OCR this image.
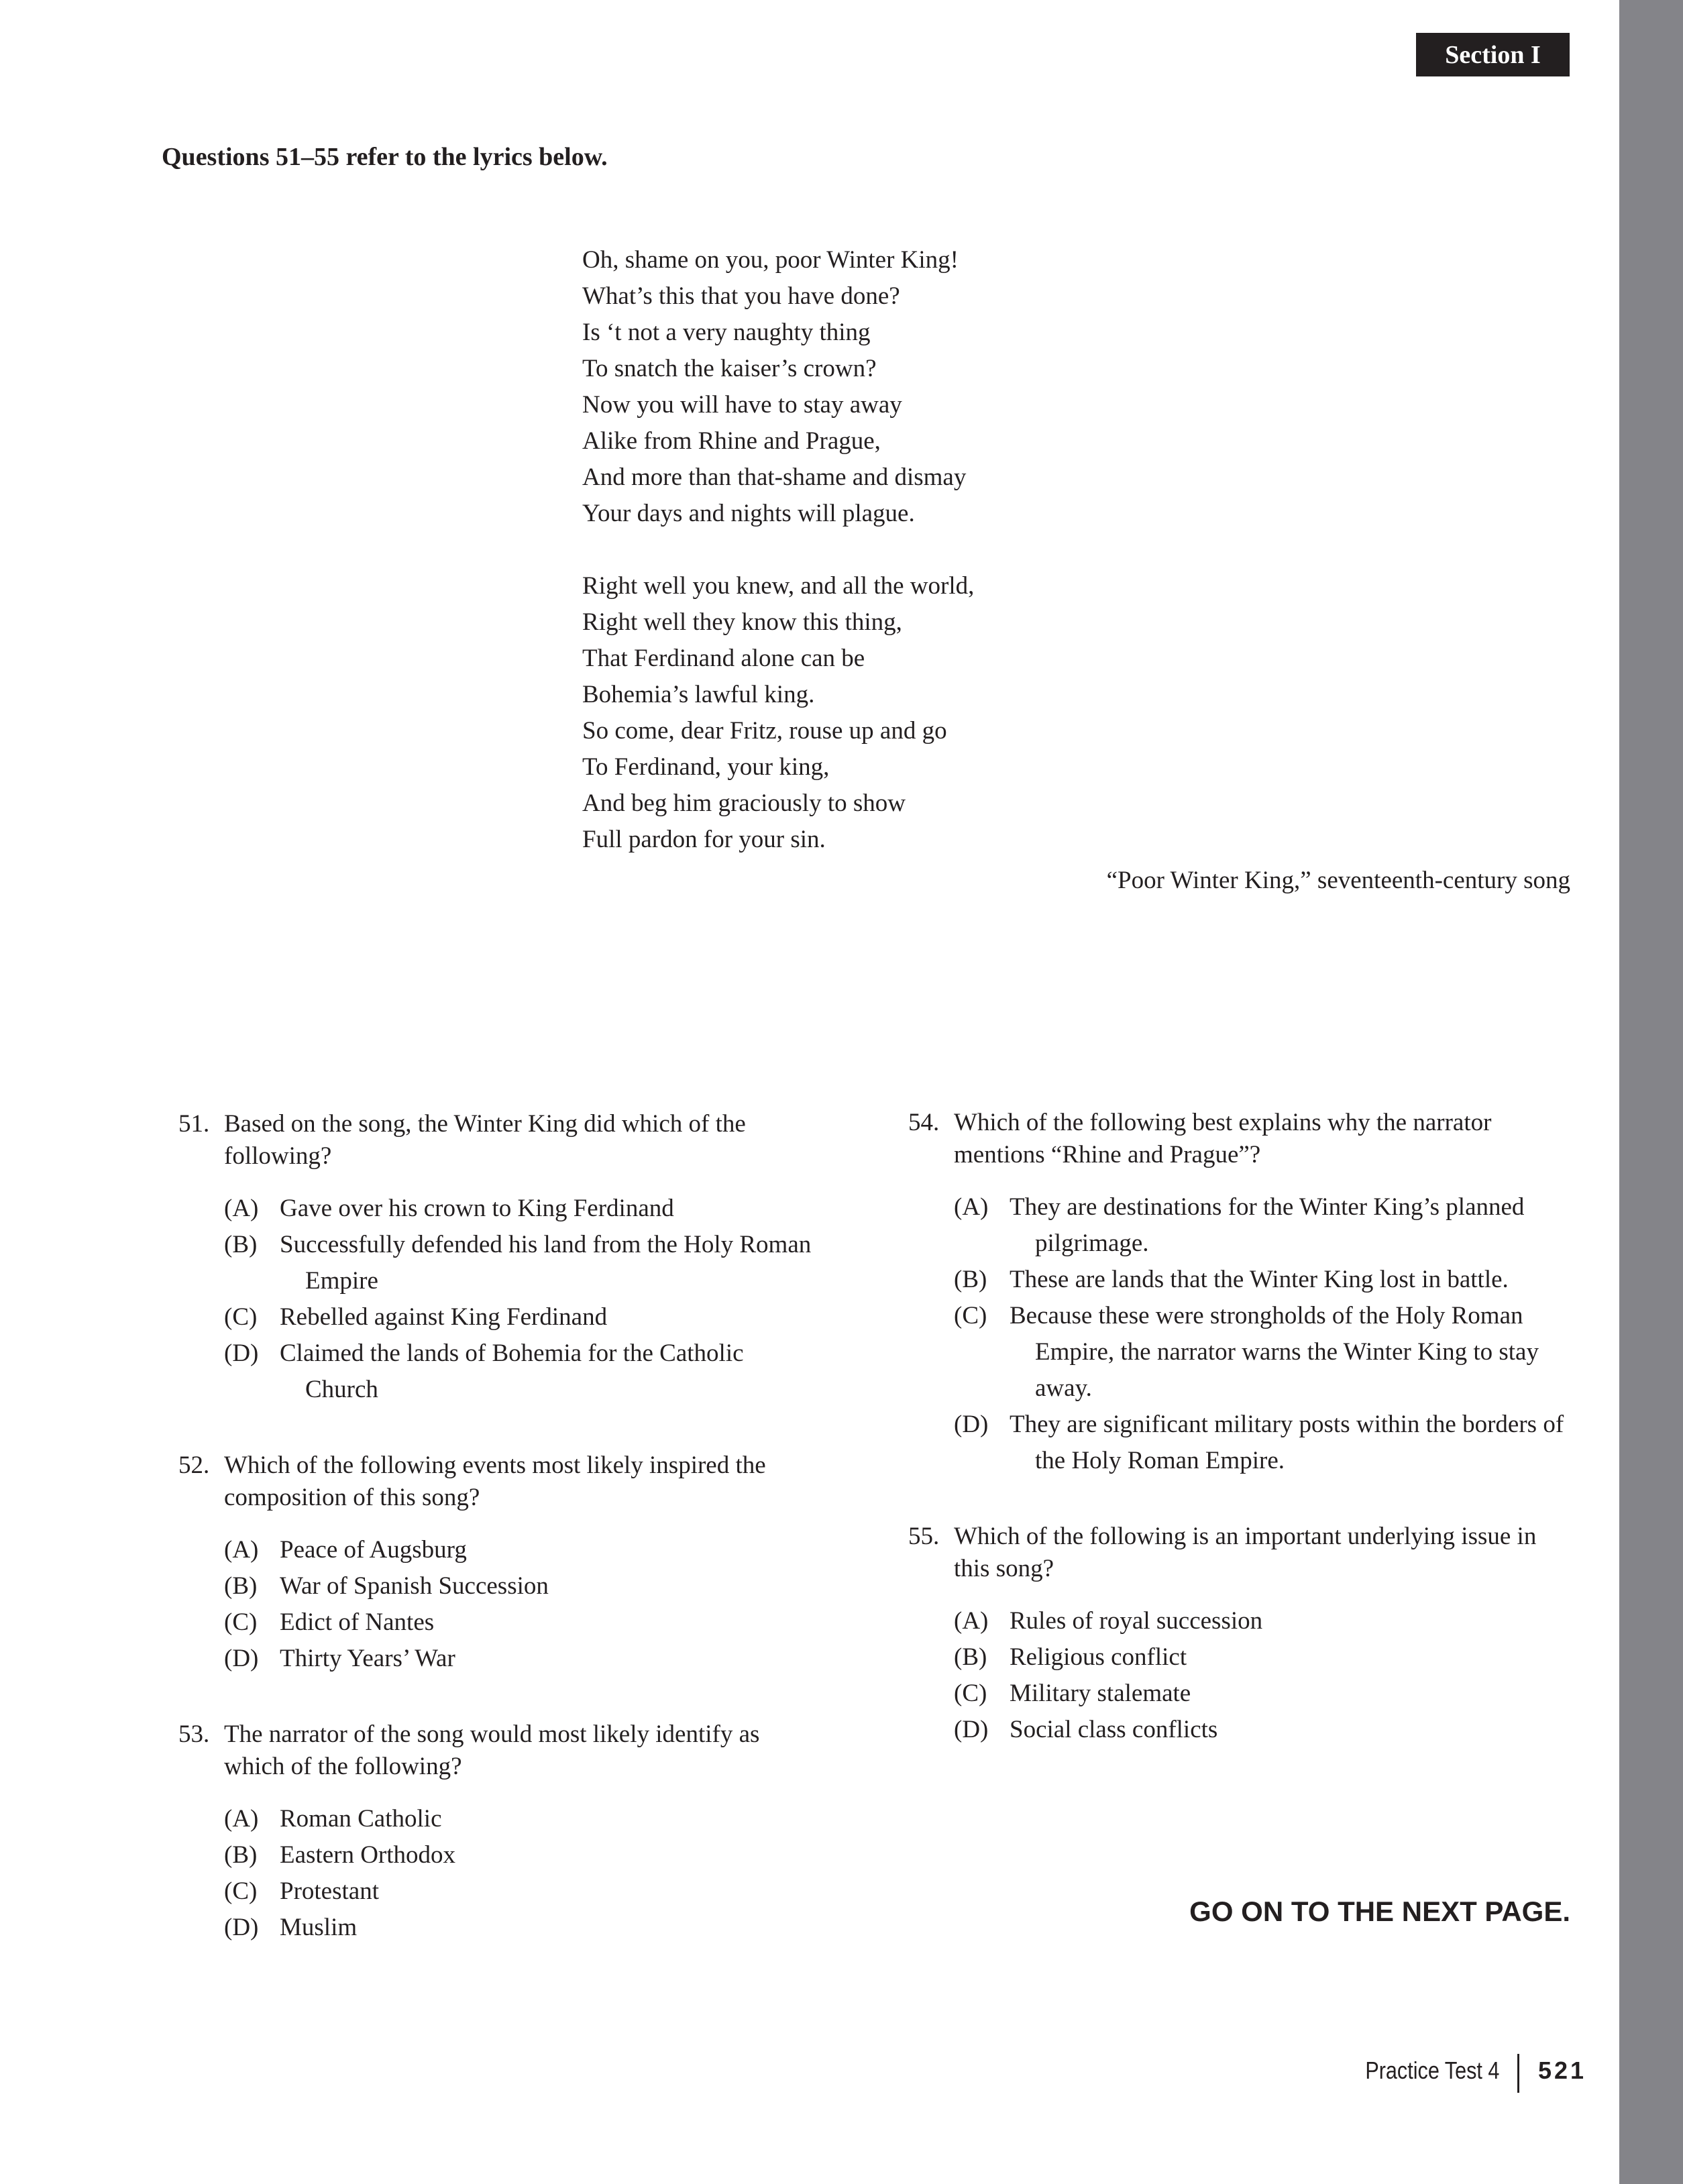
Section I
Questions 51–55 refer to the lyrics below.
Oh, shame on you, poor Winter King!
What’s this that you have done?
Is ‘t not a very naughty thing
To snatch the kaiser’s crown?
Now you will have to stay away
Alike from Rhine and Prague,
And more than that-shame and dismay
Your days and nights will plague.
Right well you knew, and all the world,
Right well they know this thing,
That Ferdinand alone can be
Bohemia’s lawful king.
So come, dear Fritz, rouse up and go
To Ferdinand, your king,
And beg him graciously to show
Full pardon for your sin.
“Poor Winter King,” seventeenth-century song
51. Based on the song, the Winter King did which of the following?
(A) Gave over his crown to King Ferdinand
(B) Successfully defended his land from the Holy Roman Empire
(C) Rebelled against King Ferdinand
(D) Claimed the lands of Bohemia for the Catholic Church
52. Which of the following events most likely inspired the composition of this song?
(A) Peace of Augsburg
(B) War of Spanish Succession
(C) Edict of Nantes
(D) Thirty Years’ War
53. The narrator of the song would most likely identify as which of the following?
(A) Roman Catholic
(B) Eastern Orthodox
(C) Protestant
(D) Muslim
54. Which of the following best explains why the narrator mentions “Rhine and Prague”?
(A) They are destinations for the Winter King’s planned pilgrimage.
(B) These are lands that the Winter King lost in battle.
(C) Because these were strongholds of the Holy Roman Empire, the narrator warns the Winter King to stay away.
(D) They are significant military posts within the borders of the Holy Roman Empire.
55. Which of the following is an important underlying issue in this song?
(A) Rules of royal succession
(B) Religious conflict
(C) Military stalemate
(D) Social class conflicts
GO ON TO THE NEXT PAGE.
Practice Test 4 521
